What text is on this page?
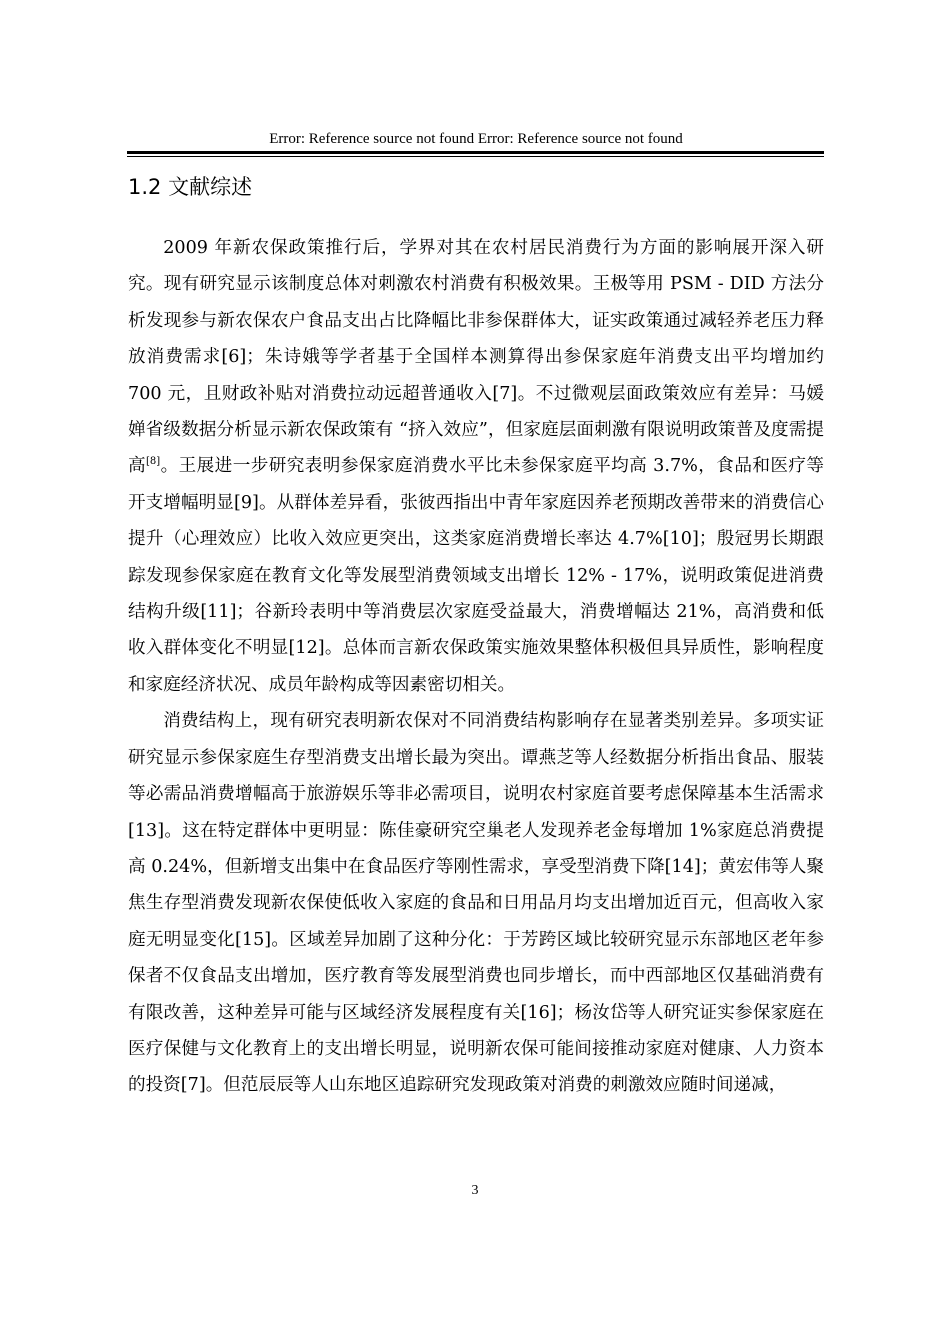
Error: Reference source not found Error: Reference source not found
1.2 文献综述

2009 年新农保政策推行后，学界对其在农村居民消费行为方面的影响展开深入研究。现有研究显示该制度总体对刺激农村消费有积极效果。王极等用 PSM - DID 方法分析发现参与新农保农户食品支出占比降幅比非参保群体大，证实政策通过减轻养老压力释放消费需求[6]；朱诗娥等学者基于全国样本测算得出参保家庭年消费支出平均增加约 700 元，且财政补贴对消费拉动远超普通收入[7]。不过微观层面政策效应有差异：马媛婵省级数据分析显示新农保政策有 “挤入效应”，但家庭层面刺激有限说明政策普及度需提高[8]。王展进一步研究表明参保家庭消费水平比未参保家庭平均高 3.7%，食品和医疗等开支增幅明显[9]。从群体差异看，张彼西指出中青年家庭因养老预期改善带来的消费信心提升（心理效应）比收入效应更突出，这类家庭消费增长率达 4.7%[10]；殷冠男长期跟踪发现参保家庭在教育文化等发展型消费领域支出增长 12% - 17%，说明政策促进消费结构升级[11]；谷新玲表明中等消费层次家庭受益最大，消费增幅达 21%，高消费和低收入群体变化不明显[12]。总体而言新农保政策实施效果整体积极但具异质性，影响程度和家庭经济状况、成员年龄构成等因素密切相关。

消费结构上，现有研究表明新农保对不同消费结构影响存在显著类别差异。多项实证研究显示参保家庭生存型消费支出增长最为突出。谭燕芝等人经数据分析指出食品、服装等必需品消费增幅高于旅游娱乐等非必需项目，说明农村家庭首要考虑保障基本生活需求[13]。这在特定群体中更明显：陈佳豪研究空巢老人发现养老金每增加 1%家庭总消费提高 0.24%，但新增支出集中在食品医疗等刚性需求，享受型消费下降[14]；黄宏伟等人聚焦生存型消费发现新农保使低收入家庭的食品和日用品月均支出增加近百元，但高收入家庭无明显变化[15]。区域差异加剧了这种分化：于芳跨区域比较研究显示东部地区老年参保者不仅食品支出增加，医疗教育等发展型消费也同步增长，而中西部地区仅基础消费有有限改善，这种差异可能与区域经济发展程度有关[16]；杨汝岱等人研究证实参保家庭在医疗保健与文化教育上的支出增长明显，说明新农保可能间接推动家庭对健康、人力资本的投资[7]。但范辰辰等人山东地区追踪研究发现政策对消费的刺激效应随时间递减，

3
